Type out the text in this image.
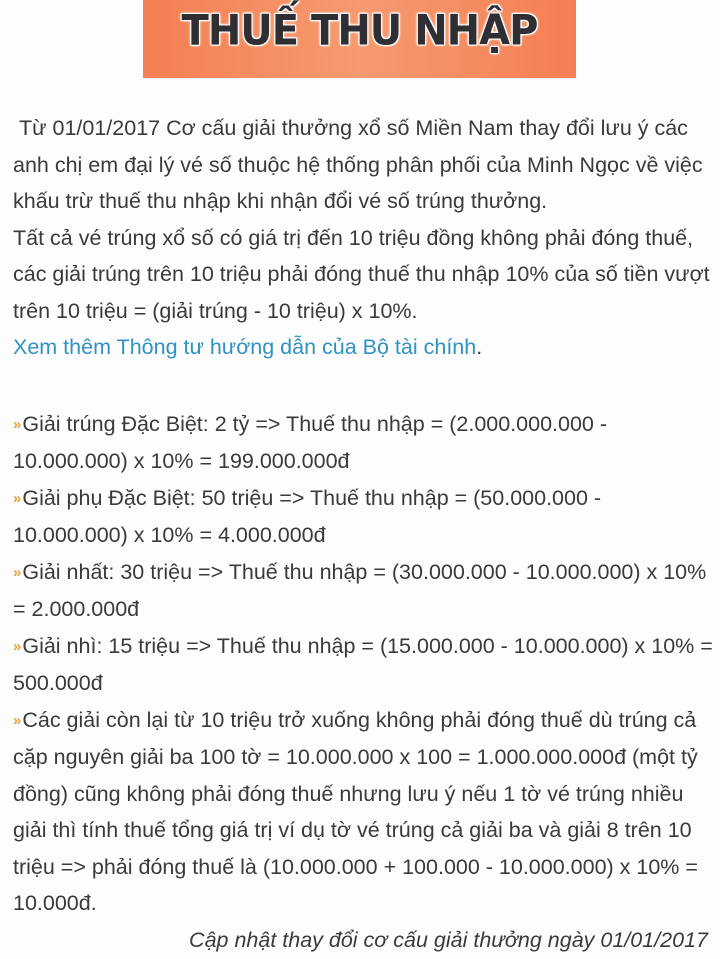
THUẾ THU NHẬP

Từ 01/01/2017 Cơ cấu giải thưởng xổ số Miền Nam thay đổi lưu ý các anh chị em đại lý vé số thuộc hệ thống phân phối của Minh Ngọc về việc khấu trừ thuế thu nhập khi nhận đổi vé số trúng thưởng.

Tất cả vé trúng xổ số có giá trị đến 10 triệu đồng không phải đóng thuế, các giải trúng trên 10 triệu phải đóng thuế thu nhập 10% của số tiền vượt trên 10 triệu = (giải trúng - 10 triệu) x 10%.

Xem thêm Thông tư hướng dẫn của Bộ tài chính.

» Giải trúng Đặc Biệt: 2 tỷ => Thuế thu nhập = (2.000.000.000 - 10.000.000) x 10% = 199.000.000đ

» Giải phụ Đặc Biệt: 50 triệu => Thuế thu nhập = (50.000.000 - 10.000.000) x 10% = 4.000.000đ

» Giải nhất: 30 triệu => Thuế thu nhập = (30.000.000 - 10.000.000) x 10% = 2.000.000đ

» Giải nhì: 15 triệu => Thuế thu nhập = (15.000.000 - 10.000.000) x 10% = 500.000đ

» Các giải còn lại từ 10 triệu trở xuống không phải đóng thuế dù trúng cả cặp nguyên giải ba 100 tờ = 10.000.000 x 100 = 1.000.000.000đ (một tỷ đồng) cũng không phải đóng thuế nhưng lưu ý nếu 1 tờ vé trúng nhiều giải thì tính thuế tổng giá trị ví dụ tờ vé trúng cả giải ba và giải 8 trên 10 triệu => phải đóng thuế là (10.000.000 + 100.000 - 10.000.000) x 10% = 10.000đ.

Cập nhật thay đổi cơ cấu giải thưởng ngày 01/01/2017
